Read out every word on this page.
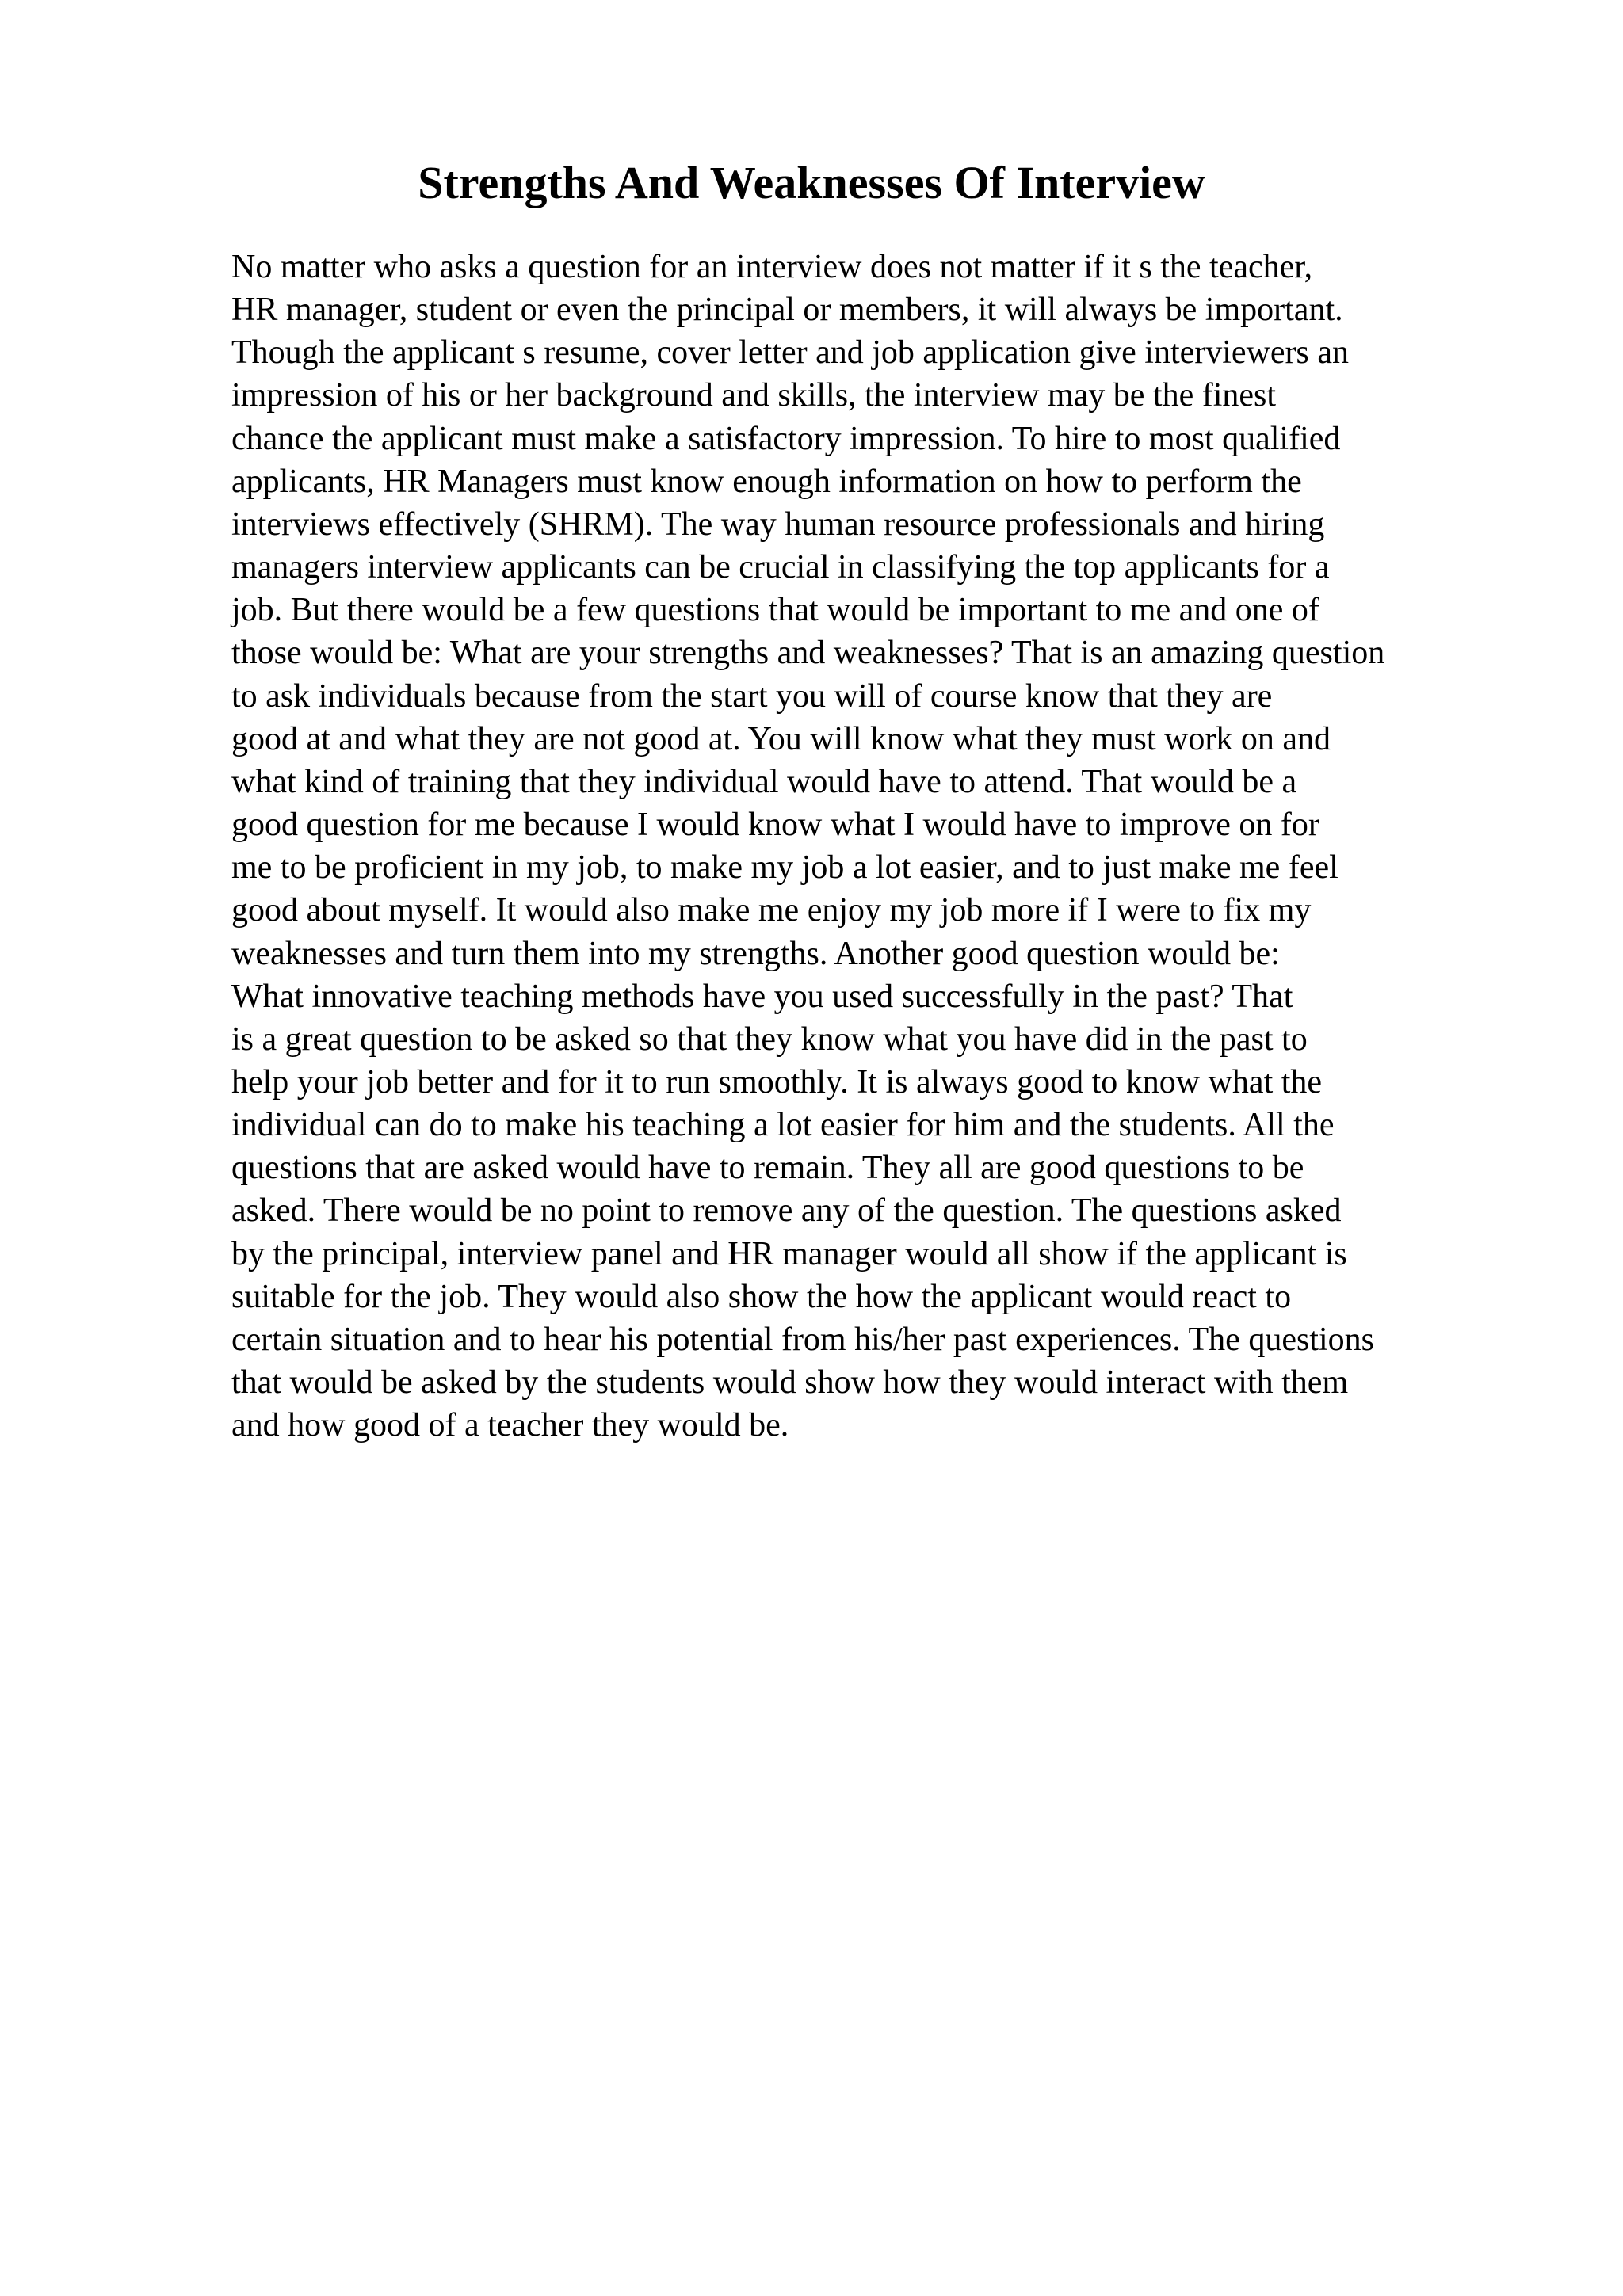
Strengths And Weaknesses Of Interview
No matter who asks a question for an interview does not matter if it s the teacher,
HR manager, student or even the principal or members, it will always be important.
Though the applicant s resume, cover letter and job application give interviewers an
impression of his or her background and skills, the interview may be the finest
chance the applicant must make a satisfactory impression. To hire to most qualified
applicants, HR Managers must know enough information on how to perform the
interviews effectively (SHRM). The way human resource professionals and hiring
managers interview applicants can be crucial in classifying the top applicants for a
job. But there would be a few questions that would be important to me and one of
those would be: What are your strengths and weaknesses? That is an amazing question
to ask individuals because from the start you will of course know that they are
good at and what they are not good at. You will know what they must work on and
what kind of training that they individual would have to attend. That would be a
good question for me because I would know what I would have to improve on for
me to be proficient in my job, to make my job a lot easier, and to just make me feel
good about myself. It would also make me enjoy my job more if I were to fix my
weaknesses and turn them into my strengths. Another good question would be:
What innovative teaching methods have you used successfully in the past? That
is a great question to be asked so that they know what you have did in the past to
help your job better and for it to run smoothly. It is always good to know what the
individual can do to make his teaching a lot easier for him and the students. All the
questions that are asked would have to remain. They all are good questions to be
asked. There would be no point to remove any of the question. The questions asked
by the principal, interview panel and HR manager would all show if the applicant is
suitable for the job. They would also show the how the applicant would react to
certain situation and to hear his potential from his/her past experiences. The questions
that would be asked by the students would show how they would interact with them
and how good of a teacher they would be.
